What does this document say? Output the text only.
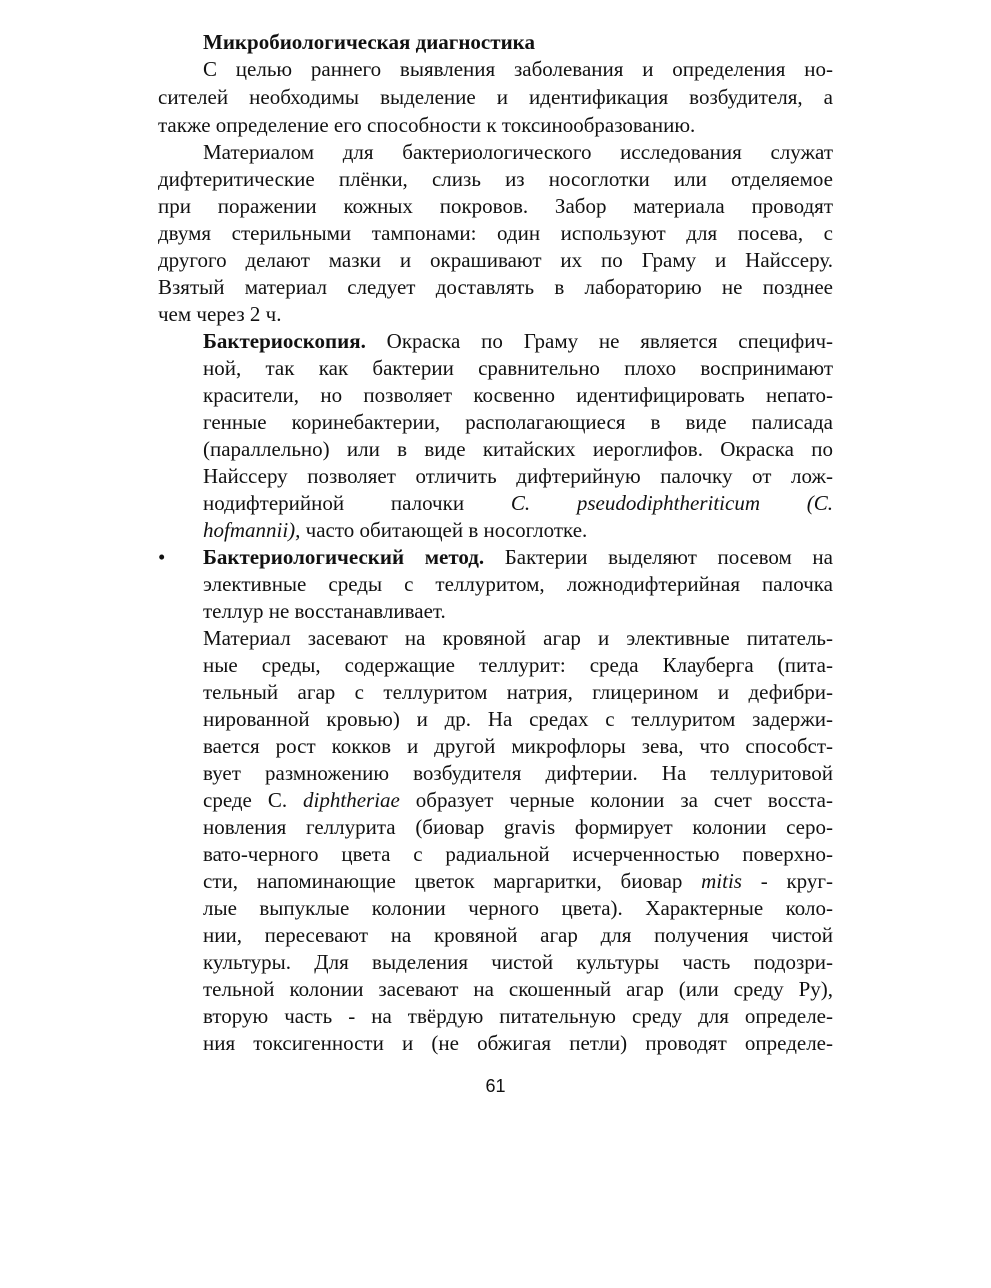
Микробиологическая диагностика
С целью раннего выявления заболевания и определения но-
сителей необходимы выделение и идентификация возбудителя, а
также определение его способности к токсинообразованию.
Материалом для бактериологического исследования служат
дифтеритические плёнки, слизь из носоглотки или отделяемое
при поражении кожных покровов. Забор материала проводят
двумя стерильными тампонами: один используют для посева, с
другого делают мазки и окрашивают их по Граму и Найссеру.
Взятый материал следует доставлять в лабораторию не позднее
чем через 2 ч.
Бактериоскопия. Окраска по Граму не является специфич-
ной, так как бактерии сравнительно плохо воспринимают
красители, но позволяет косвенно идентифицировать непато-
генные коринебактерии, располагающиеся в виде палисада
(параллельно) или в виде китайских иероглифов. Окраска по
Найссеру позволяет отличить дифтерийную палочку от лож-
нодифтерийной палочки C. pseudodiphtheriticum (C.
hofmannii), часто обитающей в носоглотке.
Бактериологический метод. Бактерии выделяют посевом на
элективные среды с теллуритом, ложнодифтерийная палочка
теллур не восстанавливает.
Материал засевают на кровяной агар и элективные питатель-
ные среды, содержащие теллурит: среда Клауберга (пита-
тельный агар с теллуритом натрия, глицерином и дефибри-
нированной кровью) и др. На средах с теллуритом задержи-
вается рост кокков и другой микрофлоры зева, что способст-
вует размножению возбудителя дифтерии. На теллуритовой
среде С. diphtheriae образует черные колонии за счет восста-
новления геллурита (биовар gravis формирует колонии серо-
вато-черного цвета с радиальной исчерченностью поверхно-
сти, напоминающие цветок маргаритки, биовар mitis - круг-
лые выпуклые колонии черного цвета). Характерные коло-
нии, пересевают на кровяной агар для получения чистой
культуры. Для выделения чистой культуры часть подозри-
тельной колонии засевают на скошенный агар (или среду Ру),
вторую часть - на твёрдую питательную среду для определе-
ния токсигенности и (не обжигая петли) проводят определе-
•
61
